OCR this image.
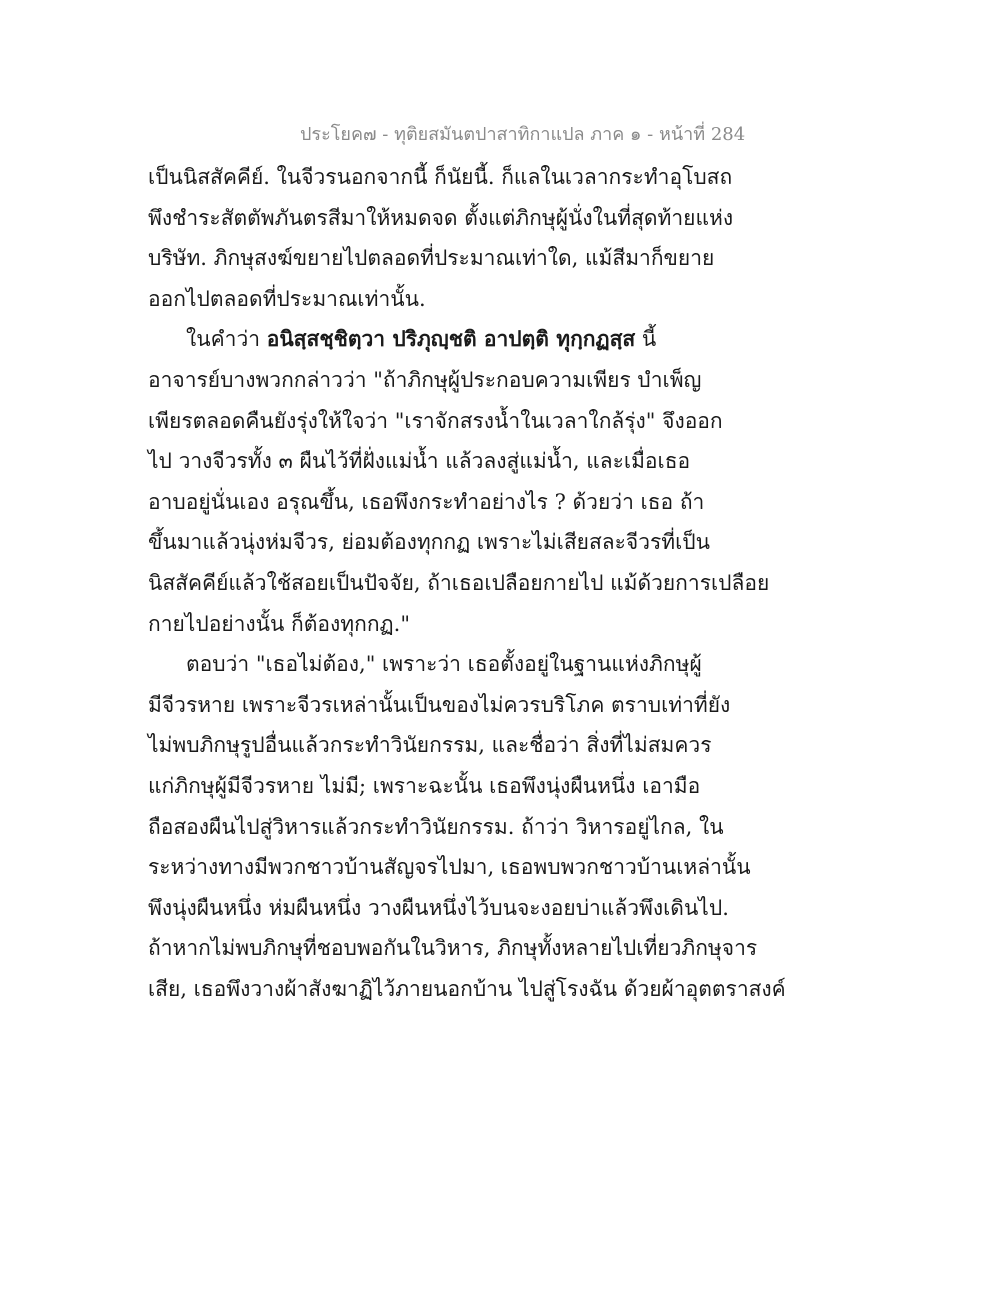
ประโยค๗ - ทุติยสมันตปาสาทิกาแปล ภาค ๑ - หน้าที่ 284
เป็นนิสสัคคีย์. ในจีวรนอกจากนี้ ก็นัยนี้. ก็แลในเวลากระทำอุโบสถ
พึงชำระสัตตัพภันตรสีมาให้หมดจด ตั้งแต่ภิกษุผู้นั่งในที่สุดท้ายแห่ง
บริษัท. ภิกษุสงฆ์ขยายไปตลอดที่ประมาณเท่าใด, แม้สีมาก็ขยาย
ออกไปตลอดที่ประมาณเท่านั้น.
ในคำว่า อนิสฺสชฺชิตฺวา ปริภุญฺชติ อาปตฺติ ทุกฺกฏสฺส นี้
อาจารย์บางพวกกล่าวว่า "ถ้าภิกษุผู้ประกอบความเพียร บำเพ็ญ
เพียรตลอดคืนยังรุ่งให้ใจว่า "เราจักสรงน้ำในเวลาใกล้รุ่ง" จึงออก
ไป วางจีวรทั้ง ๓ ผืนไว้ที่ฝั่งแม่น้ำ แล้วลงสู่แม่น้ำ, และเมื่อเธอ
อาบอยู่นั่นเอง อรุณขึ้น, เธอพึงกระทำอย่างไร ? ด้วยว่า เธอ ถ้า
ขึ้นมาแล้วนุ่งห่มจีวร, ย่อมต้องทุกกฏ เพราะไม่เสียสละจีวรที่เป็น
นิสสัคคีย์แล้วใช้สอยเป็นปัจจัย, ถ้าเธอเปลือยกายไป แม้ด้วยการเปลือย
กายไปอย่างนั้น ก็ต้องทุกกฏ."
ตอบว่า "เธอไม่ต้อง," เพราะว่า เธอตั้งอยู่ในฐานแห่งภิกษุผู้
มีจีวรหาย เพราะจีวรเหล่านั้นเป็นของไม่ควรบริโภค ตราบเท่าที่ยัง
ไม่พบภิกษุรูปอื่นแล้วกระทำวินัยกรรม, และชื่อว่า สิ่งที่ไม่สมควร
แก่ภิกษุผู้มีจีวรหาย ไม่มี; เพราะฉะนั้น เธอพึงนุ่งผืนหนึ่ง เอามือ
ถือสองผืนไปสู่วิหารแล้วกระทำวินัยกรรม. ถ้าว่า วิหารอยู่ไกล, ใน
ระหว่างทางมีพวกชาวบ้านสัญจรไปมา, เธอพบพวกชาวบ้านเหล่านั้น
พึงนุ่งผืนหนึ่ง ห่มผืนหนึ่ง วางผืนหนึ่งไว้บนจะงอยบ่าแล้วพึงเดินไป.
ถ้าหากไม่พบภิกษุที่ชอบพอกันในวิหาร, ภิกษุทั้งหลายไปเที่ยวภิกษุจาร
เสีย, เธอพึงวางผ้าสังฆาฏิไว้ภายนอกบ้าน ไปสู่โรงฉัน ด้วยผ้าอุตตราสงค์
